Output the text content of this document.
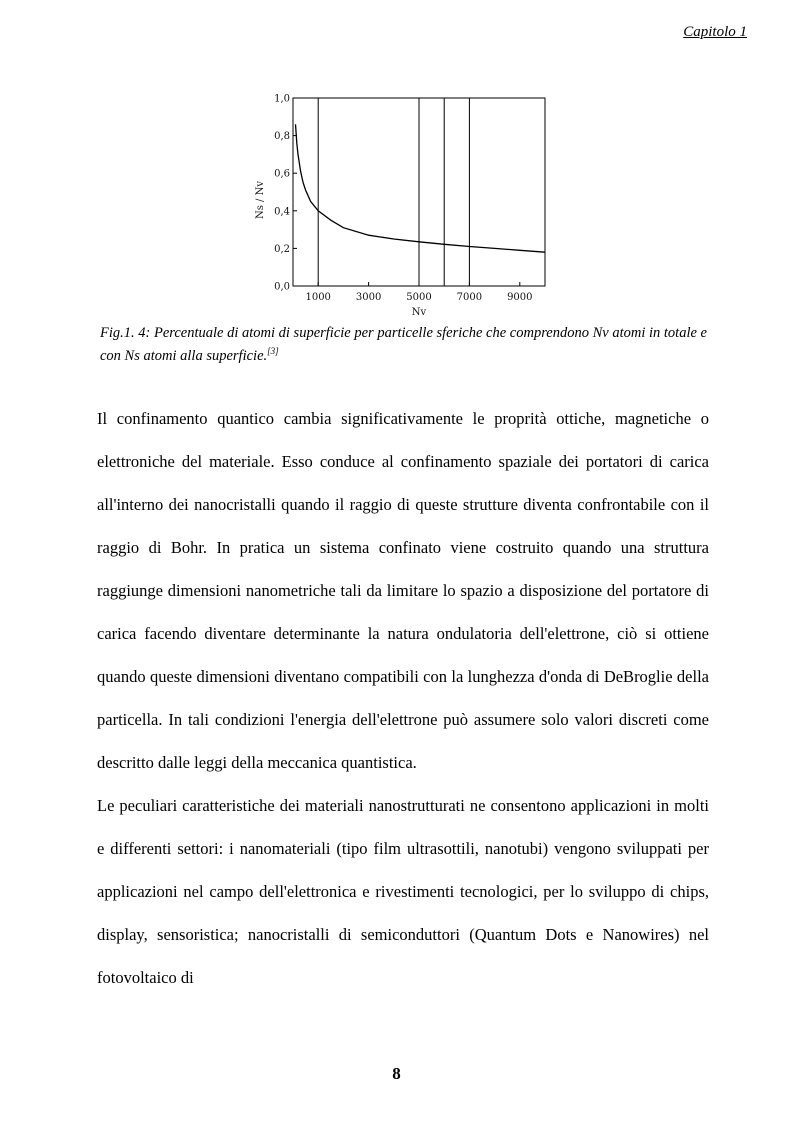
Capitolo 1
0,0
0,2
0,4
0,6
0,8
1,0
1000 3000 5000 7000 9000
Nv
Ns / Nv
Fig.1. 4: Percentuale di atomi di superficie per particelle sferiche che comprendono Nv atomi in totale e con Ns atomi alla superficie.[3]

Il confinamento quantico cambia significativamente le proprità ottiche, magnetiche o elettroniche del materiale. Esso conduce al confinamento spaziale dei portatori di carica all'interno dei nanocristalli quando il raggio di queste strutture diventa confrontabile con il raggio di Bohr. In pratica un sistema confinato viene costruito quando una struttura raggiunge dimensioni nanometriche tali da limitare lo spazio a disposizione del portatore di carica facendo diventare determinante la natura ondulatoria dell'elettrone, ciò si ottiene quando queste dimensioni diventano compatibili con la lunghezza d'onda di DeBroglie della particella. In tali condizioni l'energia dell'elettrone può assumere solo valori discreti come descritto dalle leggi della meccanica quantistica.

Le peculiari caratteristiche dei materiali nanostrutturati ne consentono applicazioni in molti e differenti settori: i nanomateriali (tipo film ultrasottili, nanotubi) vengono sviluppati per applicazioni nel campo dell'elettronica e rivestimenti tecnologici, per lo sviluppo di chips, display, sensoristica; nanocristalli di semiconduttori (Quantum Dots e Nanowires) nel fotovoltaico di

8
